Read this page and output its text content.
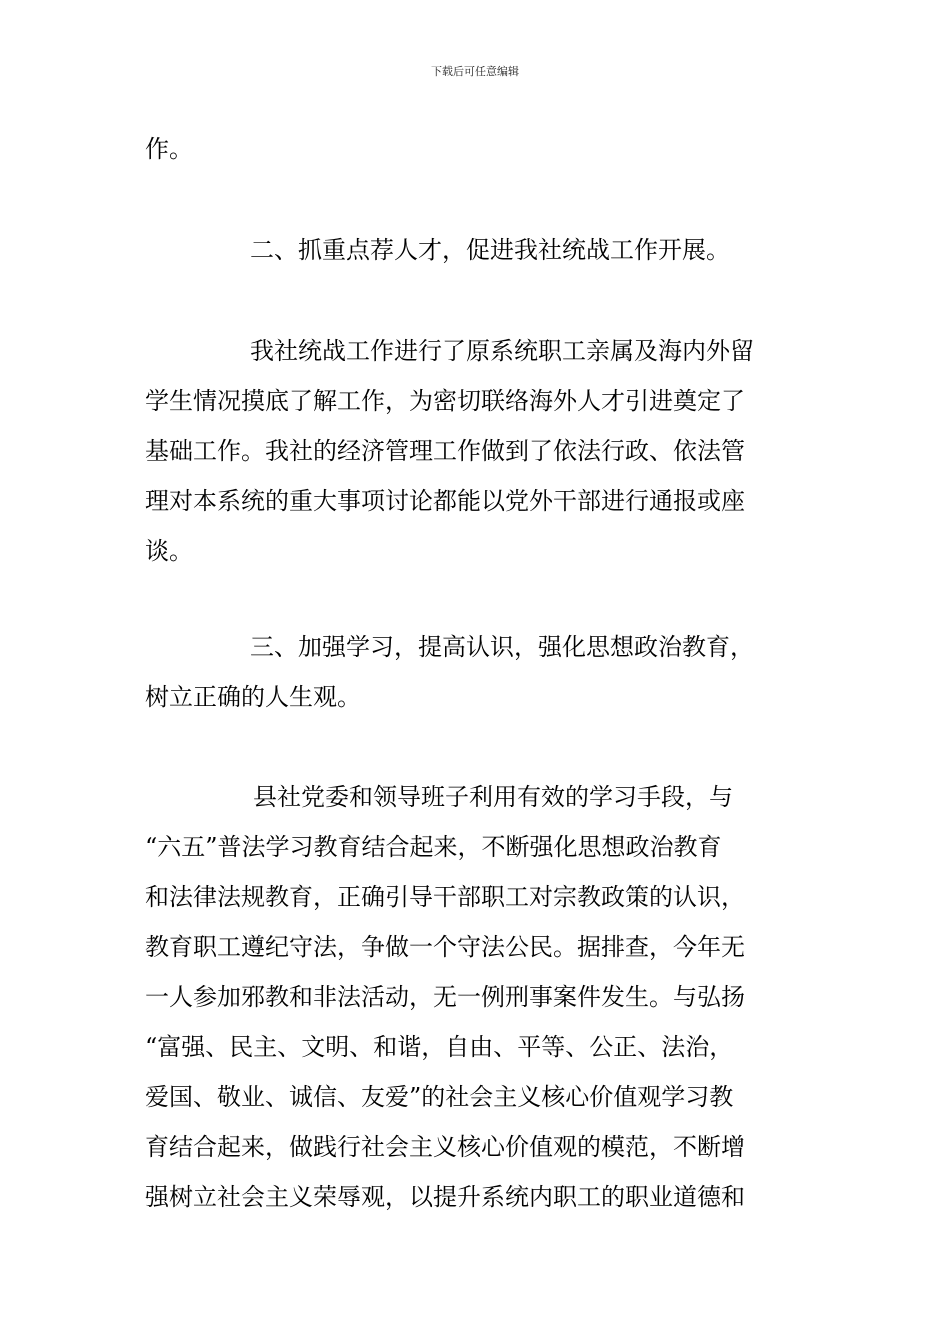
下载后可任意编辑
作。
二、抓重点荐人才，促进我社统战工作开展。
我社统战工作进行了原系统职工亲属及海内外留
学生情况摸底了解工作，为密切联络海外人才引进奠定了
基础工作。我社的经济管理工作做到了依法行政、依法管
理对本系统的重大事项讨论都能以党外干部进行通报或座
谈。
三、加强学习，提高认识，强化思想政治教育，
树立正确的人生观。
县社党委和领导班子利用有效的学习手段，与
“六五”普法学习教育结合起来，不断强化思想政治教育
和法律法规教育，正确引导干部职工对宗教政策的认识，
教育职工遵纪守法，争做一个守法公民。据排查，今年无
一人参加邪教和非法活动，无一例刑事案件发生。与弘扬
“富强、民主、文明、和谐，自由、平等、公正、法治，
爱国、敬业、诚信、友爱”的社会主义核心价值观学习教
育结合起来，做践行社会主义核心价值观的模范，不断增
强树立社会主义荣辱观，以提升系统内职工的职业道德和
